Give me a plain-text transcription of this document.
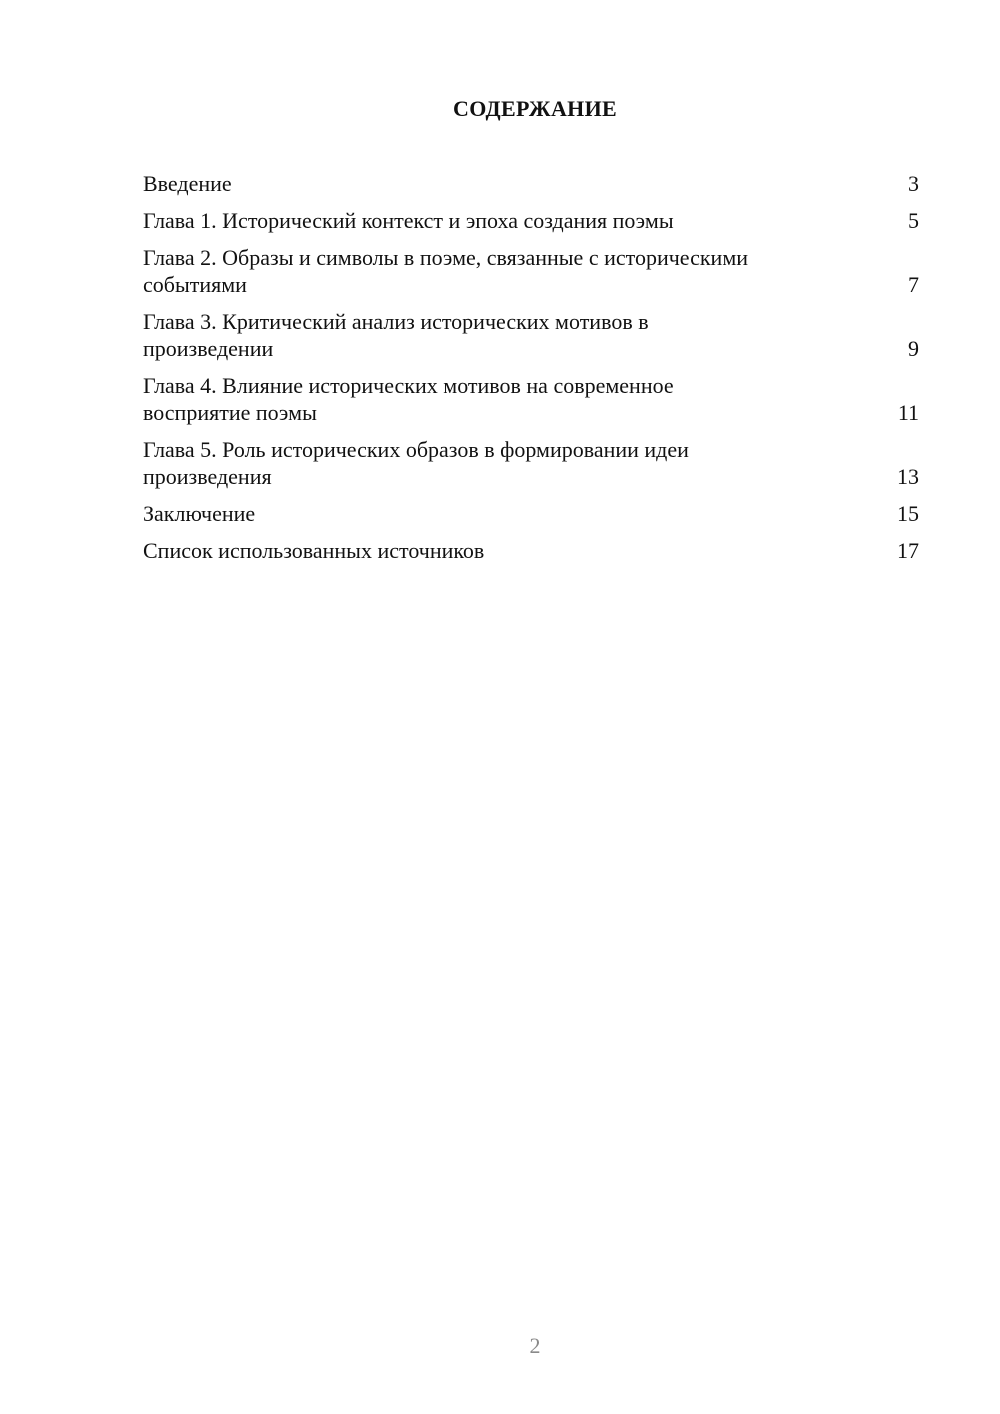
СОДЕРЖАНИЕ
Введение	3
Глава 1. Исторический контекст и эпоха создания поэмы	5
Глава 2. Образы и символы в поэме, связанные с историческими событиями	7
Глава 3. Критический анализ исторических мотивов в произведении	9
Глава 4. Влияние исторических мотивов на современное восприятие поэмы	11
Глава 5. Роль исторических образов в формировании идеи произведения	13
Заключение	15
Список использованных источников	17
2
